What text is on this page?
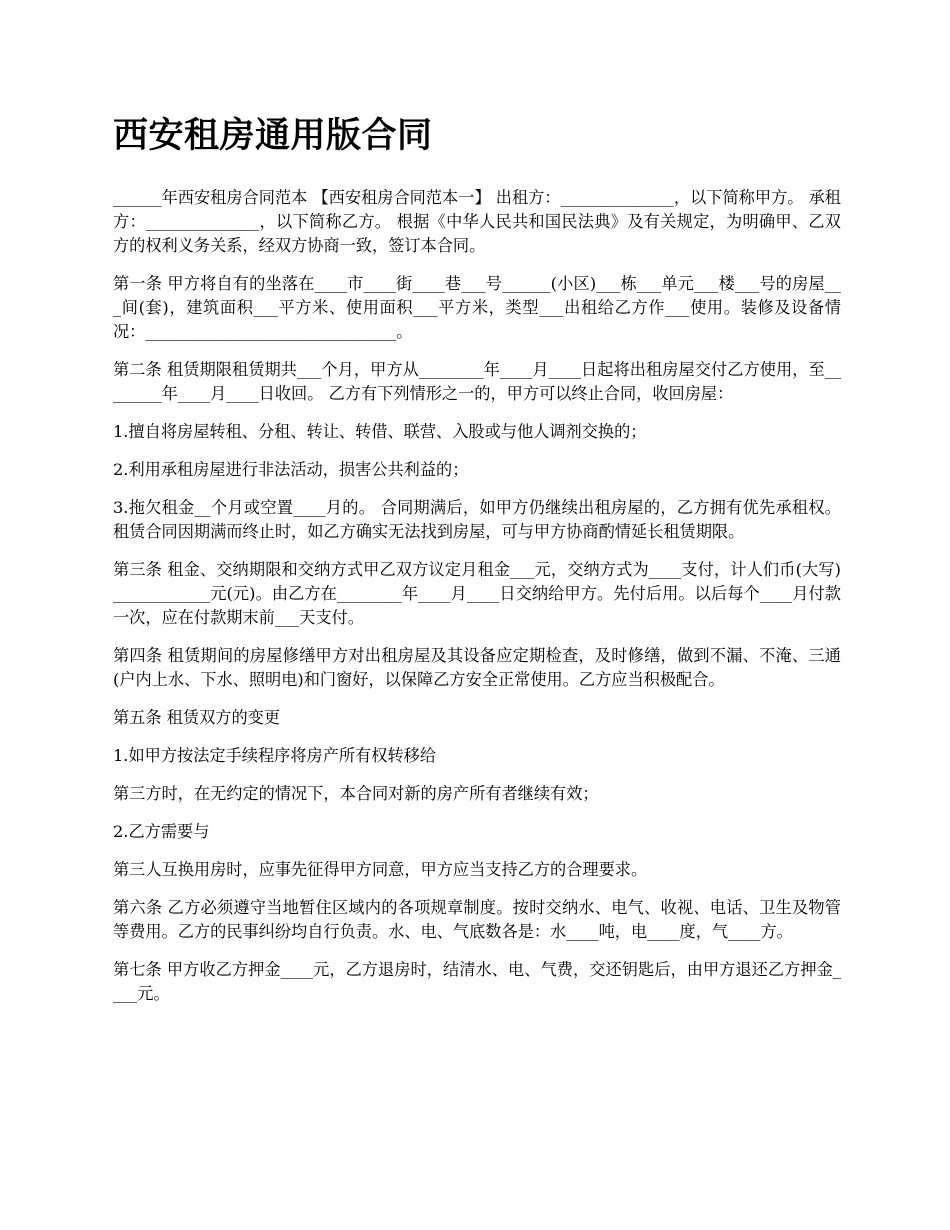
西安租房通用版合同

______年西安租房合同范本 【西安租房合同范本一】 出租方：______________，以下简称甲方。 承租方：______________，以下简称乙方。 根据《中华人民共和国民法典》及有关规定，为明确甲、乙双方的权利义务关系，经双方协商一致，签订本合同。

第一条 甲方将自有的坐落在____市____街____巷___号______(小区)___栋___单元___楼___号的房屋___间(套)，建筑面积___平方米、使用面积___平方米，类型___出租给乙方作___使用。装修及设备情况：_______________________________。

第二条 租赁期限租赁期共___个月，甲方从________年____月____日起将出租房屋交付乙方使用，至________年____月____日收回。 乙方有下列情形之一的，甲方可以终止合同，收回房屋：

1.擅自将房屋转租、分租、转让、转借、联营、入股或与他人调剂交换的；

2.利用承租房屋进行非法活动，损害公共利益的；

3.拖欠租金__个月或空置____月的。 合同期满后，如甲方仍继续出租房屋的，乙方拥有优先承租权。 租赁合同因期满而终止时，如乙方确实无法找到房屋，可与甲方协商酌情延长租赁期限。

第三条 租金、交纳期限和交纳方式甲乙双方议定月租金___元，交纳方式为____支付，计人们币(大写)____________元(元)。由乙方在________年____月____日交纳给甲方。先付后用。以后每个____月付款一次，应在付款期末前___天支付。

第四条 租赁期间的房屋修缮甲方对出租房屋及其设备应定期检查，及时修缮，做到不漏、不淹、三通(户内上水、下水、照明电)和门窗好，以保障乙方安全正常使用。乙方应当积极配合。

第五条 租赁双方的变更

1.如甲方按法定手续程序将房产所有权转移给

第三方时，在无约定的情况下，本合同对新的房产所有者继续有效；

2.乙方需要与

第三人互换用房时，应事先征得甲方同意，甲方应当支持乙方的合理要求。

第六条 乙方必须遵守当地暂住区域内的各项规章制度。按时交纳水、电气、收视、电话、卫生及物管等费用。乙方的民事纠纷均自行负责。水、电、气底数各是：水____吨，电____度，气____方。

第七条 甲方收乙方押金____元，乙方退房时，结清水、电、气费，交还钥匙后，由甲方退还乙方押金____元。
